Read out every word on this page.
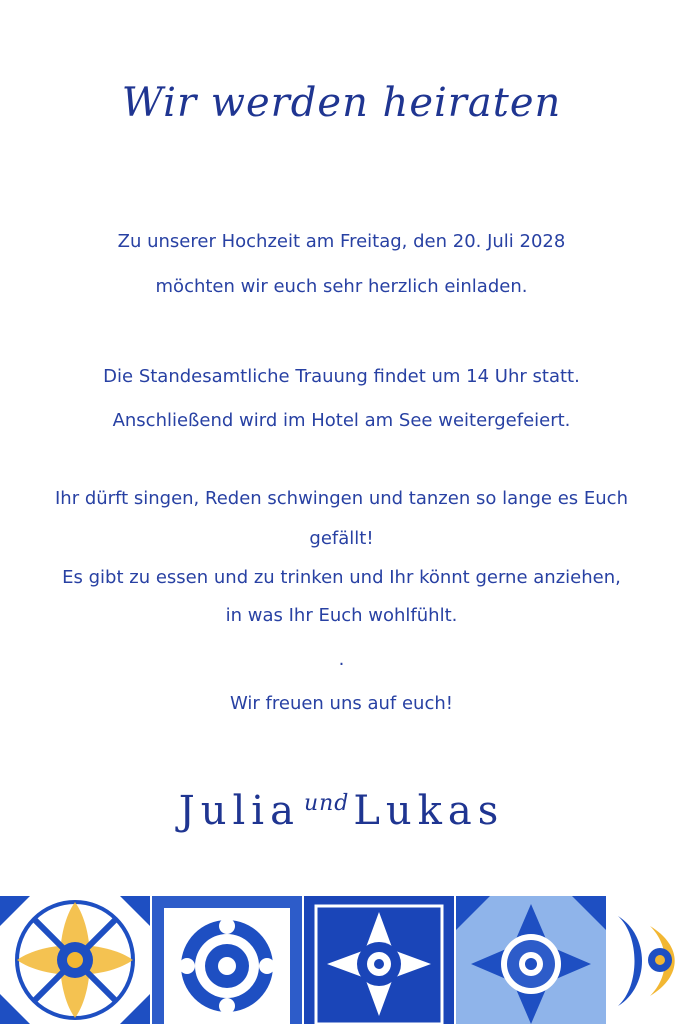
Wir werden heiraten
Zu unserer Hochzeit am Freitag, den 20. Juli 2028
möchten wir euch sehr herzlich einladen.
Die Standesamtliche Trauung findet um 14 Uhr statt.
Anschließend wird im Hotel am See weitergefeiert.
Ihr dürft singen, Reden schwingen und tanzen so lange es Euch
gefällt!
Es gibt zu essen und zu trinken und Ihr könnt gerne anziehen,
in was Ihr Euch wohlfühlt.
.
Wir freuen uns auf euch!
Julia $^{und}$ Lukas
